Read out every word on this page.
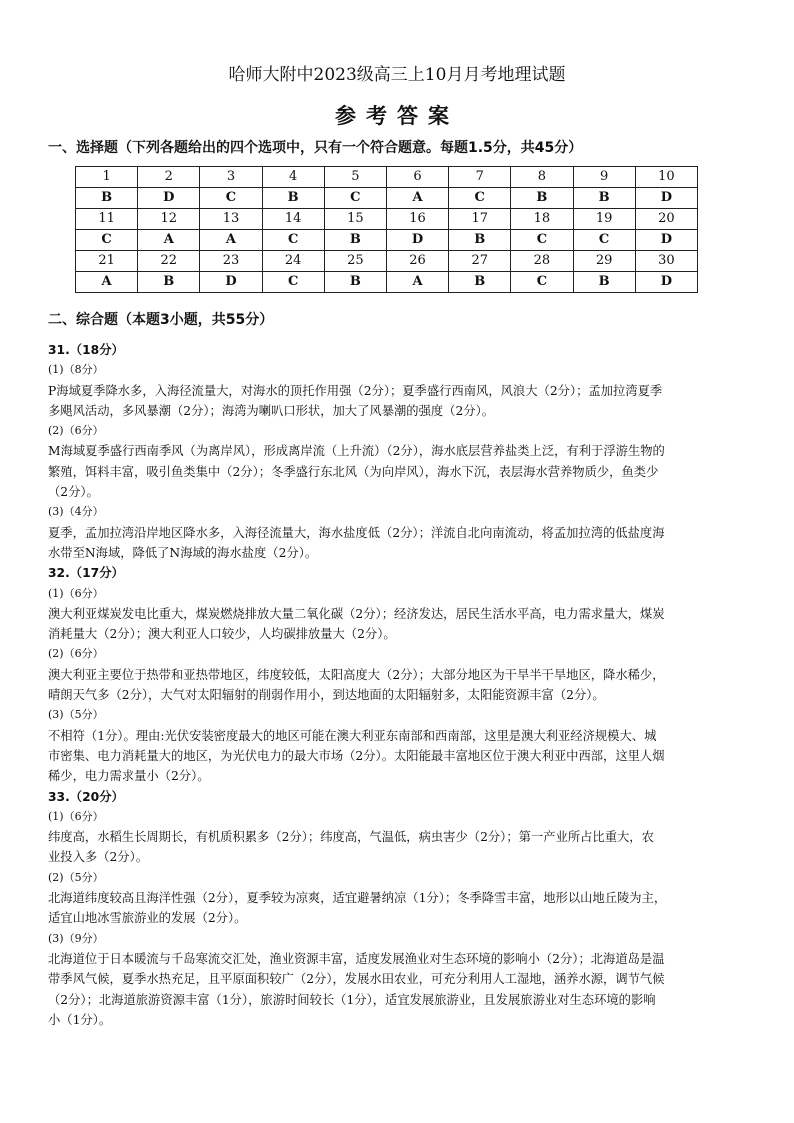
哈师大附中2023级高三上10月月考地理试题
参考答案
一、选择题（下列各题给出的四个选项中，只有一个符合题意。每题1.5分，共45分）
1	2	3	4	5	6	7	8	9	10
B	D	C	B	C	A	C	B	B	D
11	12	13	14	15	16	17	18	19	20
C	A	A	C	B	D	B	C	C	D
21	22	23	24	25	26	27	28	29	30
A	B	D	C	B	A	B	C	B	D
二、综合题（本题3小题，共55分）

31.（18分）

(1)（8分）

P海域夏季降水多，入海径流量大，对海水的顶托作用强（2分）；夏季盛行西南风，风浪大（2分）；孟加拉湾夏季

多飓风活动，多风暴潮（2分）；海湾为喇叭口形状，加大了风暴潮的强度（2分）。

(2)（6分）

M海域夏季盛行西南季风（为离岸风），形成离岸流（上升流）（2分），海水底层营养盐类上泛，有利于浮游生物的

繁殖，饵料丰富，吸引鱼类集中（2分）；冬季盛行东北风（为向岸风），海水下沉，表层海水营养物质少，鱼类少

（2分）。

(3)（4分）

夏季，孟加拉湾沿岸地区降水多，入海径流量大，海水盐度低（2分）；洋流自北向南流动，将孟加拉湾的低盐度海

水带至N海域，降低了N海域的海水盐度（2分）。

32.（17分）

(1)（6分）

澳大利亚煤炭发电比重大，煤炭燃烧排放大量二氧化碳（2分）；经济发达，居民生活水平高，电力需求量大，煤炭

消耗量大（2分）；澳大利亚人口较少，人均碳排放量大（2分）。

(2)（6分）

澳大利亚主要位于热带和亚热带地区，纬度较低，太阳高度大（2分）；大部分地区为干旱半干旱地区，降水稀少，

晴朗天气多（2分），大气对太阳辐射的削弱作用小，到达地面的太阳辐射多，太阳能资源丰富（2分）。

(3)（5分）

不相符（1分）。理由:光伏安装密度最大的地区可能在澳大利亚东南部和西南部，这里是澳大利亚经济规模大、城

市密集、电力消耗量大的地区，为光伏电力的最大市场（2分）。太阳能最丰富地区位于澳大利亚中西部，这里人烟

稀少，电力需求量小（2分）。

33.（20分）

(1)（6分）

纬度高，水稻生长周期长，有机质积累多（2分）；纬度高，气温低，病虫害少（2分）；第一产业所占比重大，农

业投入多（2分）。

(2)（5分）

北海道纬度较高且海洋性强（2分），夏季较为凉爽，适宜避暑纳凉（1分）；冬季降雪丰富，地形以山地丘陵为主，

适宜山地冰雪旅游业的发展（2分）。

(3)（9分）

北海道位于日本暖流与千岛寒流交汇处，渔业资源丰富，适度发展渔业对生态环境的影响小（2分）；北海道岛是温

带季风气候，夏季水热充足，且平原面积较广（2分），发展水田农业，可充分利用人工湿地，涵养水源，调节气候

（2分）；北海道旅游资源丰富（1分），旅游时间较长（1分），适宜发展旅游业，且发展旅游业对生态环境的影响

小（1分）。
